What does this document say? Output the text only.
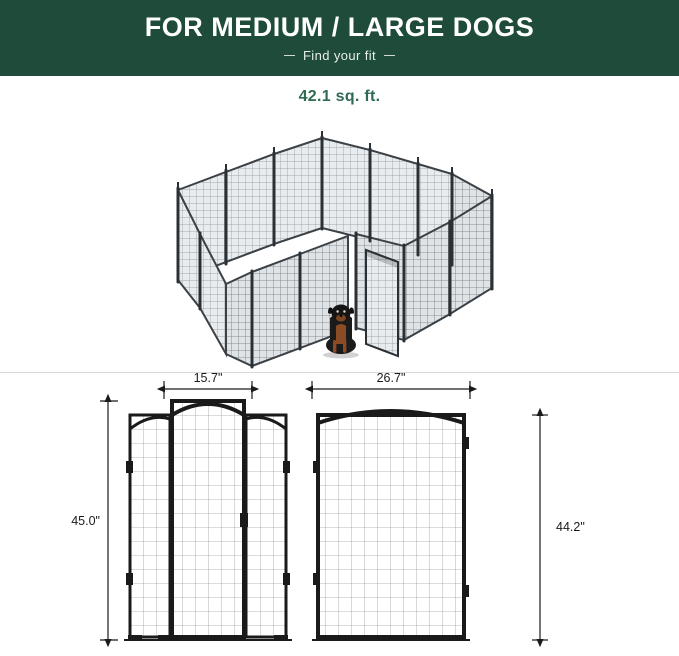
FOR MEDIUM / LARGE DOGS
Find your fit
42.1 sq. ft.
15.7"	26.7"
45.0"	44.2"
